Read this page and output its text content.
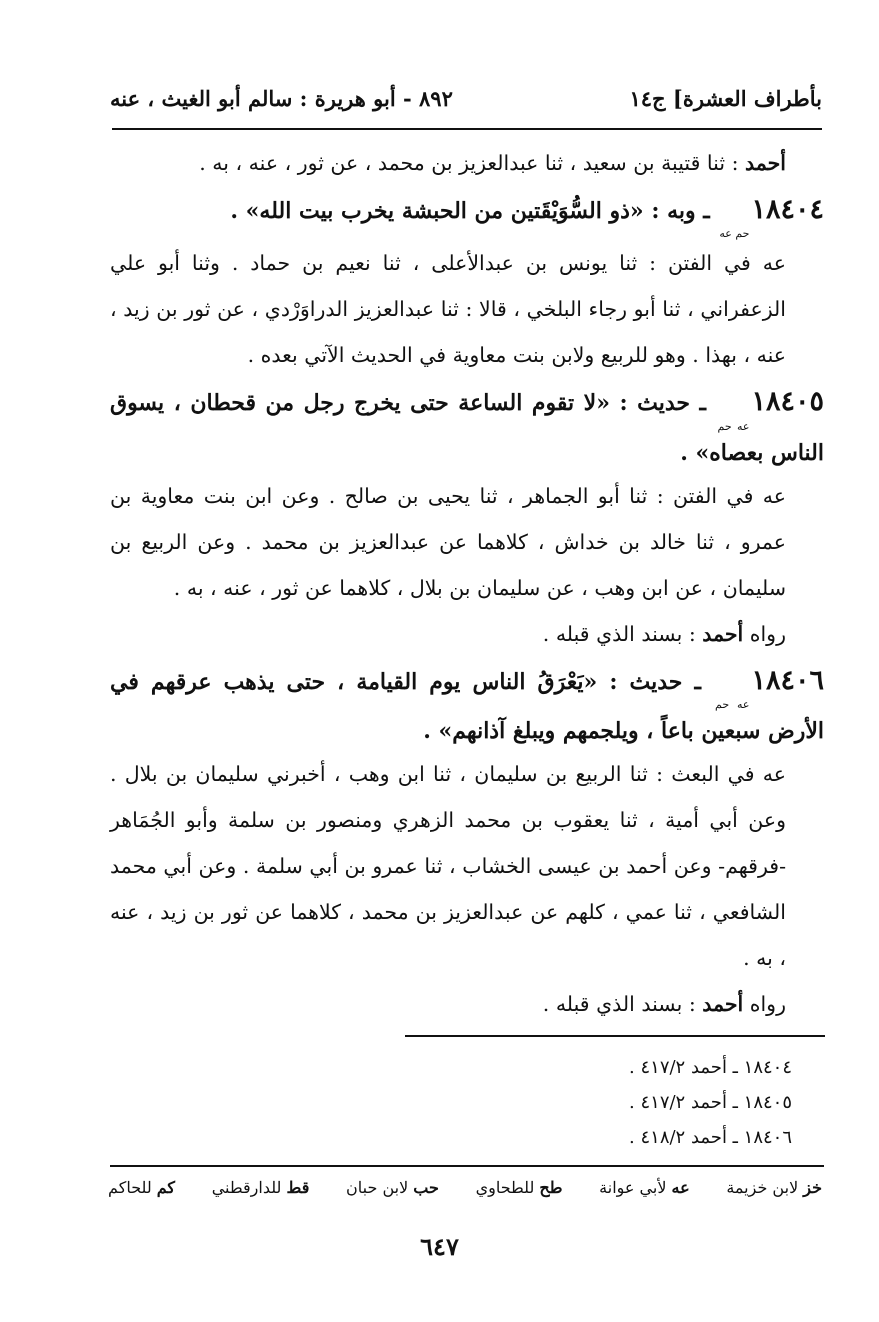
بأطراف العشرة] ج١٤
٨٩٢ - أبو هريرة : سالم أبو الغيث ، عنه

أحمد : ثنا قتيبة بن سعيد ، ثنا عبدالعزيز بن محمد ، عن ثور ، عنه ، به .

$١٨٤٠٤_{حم عه}$ ـ وبه : «ذو السُّوَيْقَتين من الحبشة يخرب بيت الله» .

عه في الفتن : ثنا يونس بن عبدالأعلى ، ثنا نعيم بن حماد . وثنا أبو علي الزعفراني ، ثنا أبو رجاء البلخي ، قالا : ثنا عبدالعزيز الدراوَرْدي ، عن ثور بن زيد ، عنه ، بهذا . وهو للربيع ولابن بنت معاوية في الحديث الآتي بعده .

$١٨٤٠٥_{عه حم}$ ـ حديث : «لا تقوم الساعة حتى يخرج رجل من قحطان ، يسوق الناس بعصاه» .

عه في الفتن : ثنا أبو الجماهر ، ثنا يحيى بن صالح . وعن ابن بنت معاوية بن عمرو ، ثنا خالد بن خداش ، كلاهما عن عبدالعزيز بن محمد . وعن الربيع بن سليمان ، عن ابن وهب ، عن سليمان بن بلال ، كلاهما عن ثور ، عنه ، به .

رواه أحمد : بسند الذي قبله .

$١٨٤٠٦_{عه حم}$ ـ حديث : «يَعْرَقُ الناس يوم القيامة ، حتى يذهب عرقهم في الأرض سبعين باعاً ، ويلجمهم ويبلغ آذانهم» .

عه في البعث : ثنا الربيع بن سليمان ، ثنا ابن وهب ، أخبرني سليمان بن بلال . وعن أبي أمية ، ثنا يعقوب بن محمد الزهري ومنصور بن سلمة وأبو الجُمَاهر -فرقهم- وعن أحمد بن عيسى الخشاب ، ثنا عمرو بن أبي سلمة . وعن أبي محمد الشافعي ، ثنا عمي ، كلهم عن عبدالعزيز بن محمد ، كلاهما عن ثور بن زيد ، عنه ، به .

رواه أحمد : بسند الذي قبله .

١٨٤٠٤ ـ أحمد ٤١٧/٢ .

١٨٤٠٥ ـ أحمد ٤١٧/٢ .

١٨٤٠٦ ـ أحمد ٤١٨/٢ .

خز لابن خزيمة
عه لأبي عوانة
طح للطحاوي
حب لابن حبان
قط للدارقطني
كم للحاكم
٦٤٧
